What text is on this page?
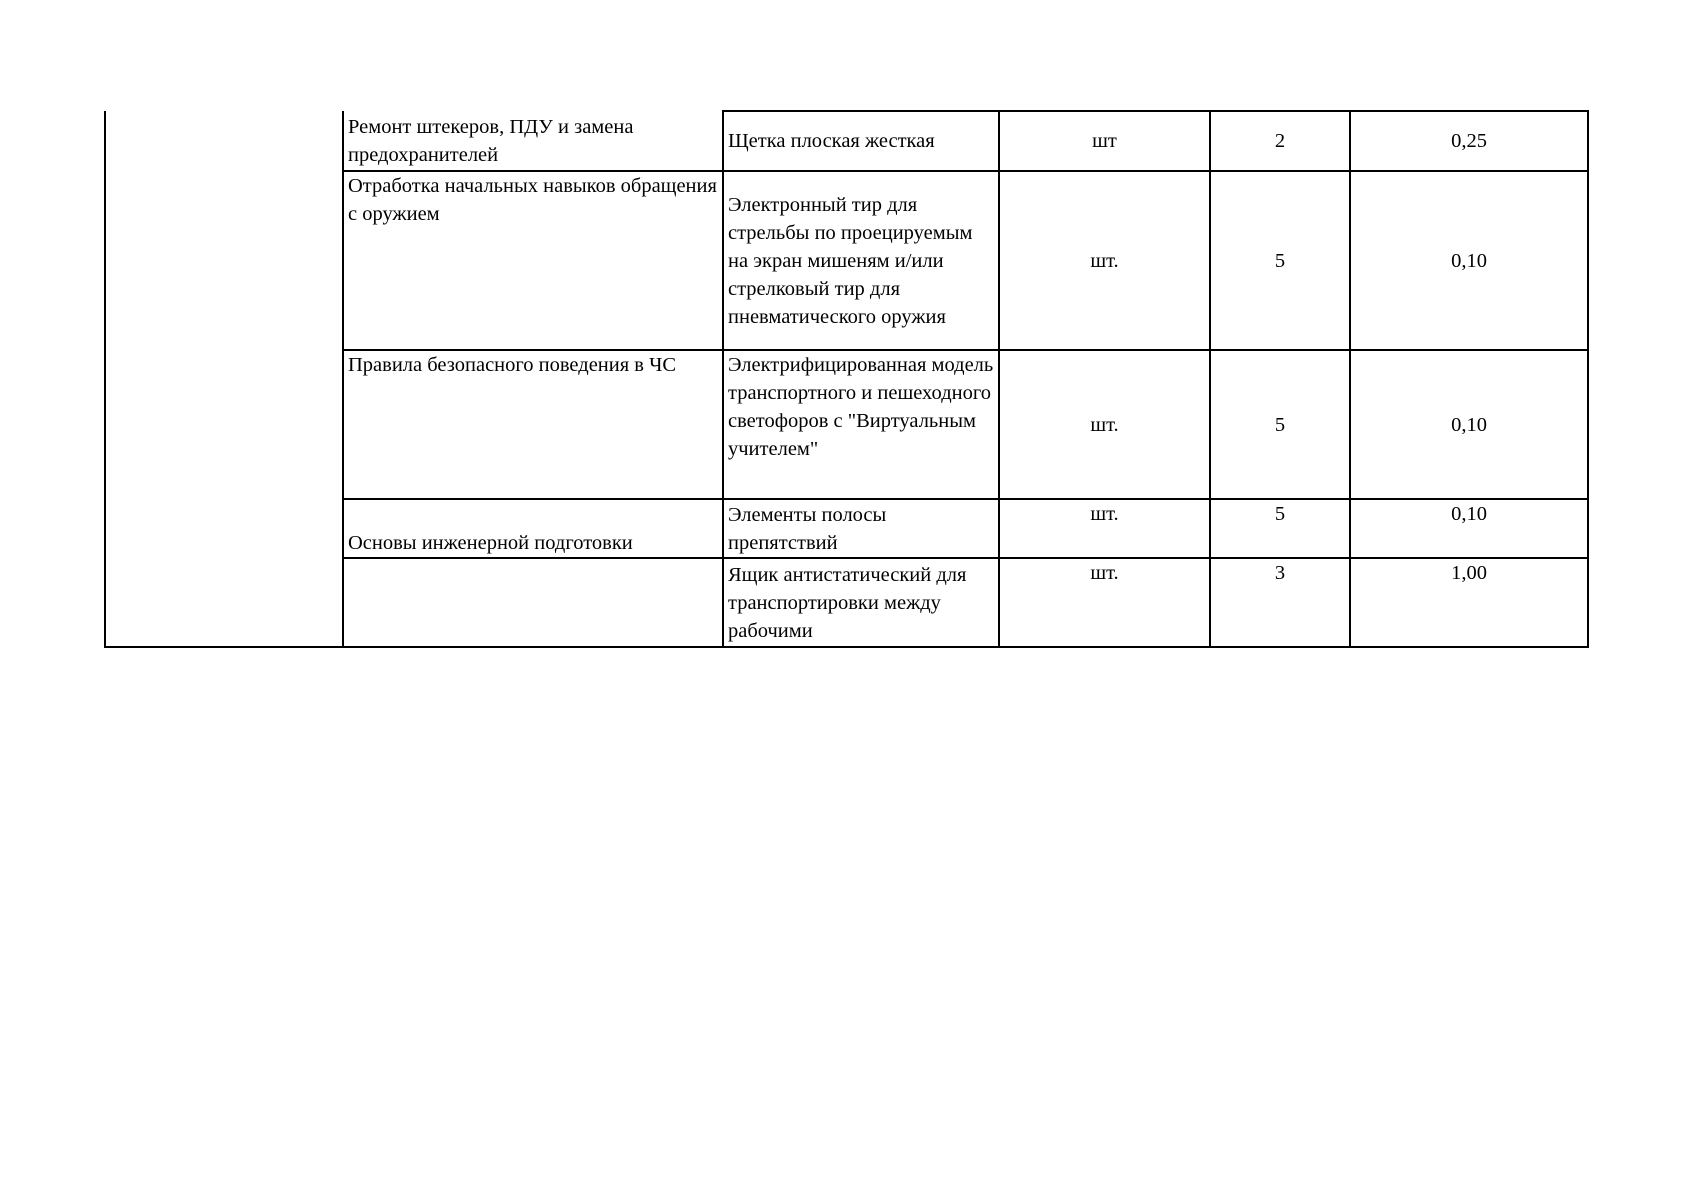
	Ремонт штекеров, ПДУ и замена предохранителей	Щетка плоская жесткая	шт	2	0,25

	Отработка начальных навыков обращения с оружием	Электронный тир для стрельбы по проецируемым на экран мишеням и/или стрелковый тир для пневматического оружия	шт.	5	0,10

	Правила безопасного поведения в ЧС	Электрифицированная модель транспортного и пешеходного светофоров с "Виртуальным учителем"	шт.	5	0,10

	Основы инженерной подготовки	Элементы полосы препятствий	шт.	5	0,10

		Ящик антистатический для транспортировки между рабочими	шт.	3	1,00
